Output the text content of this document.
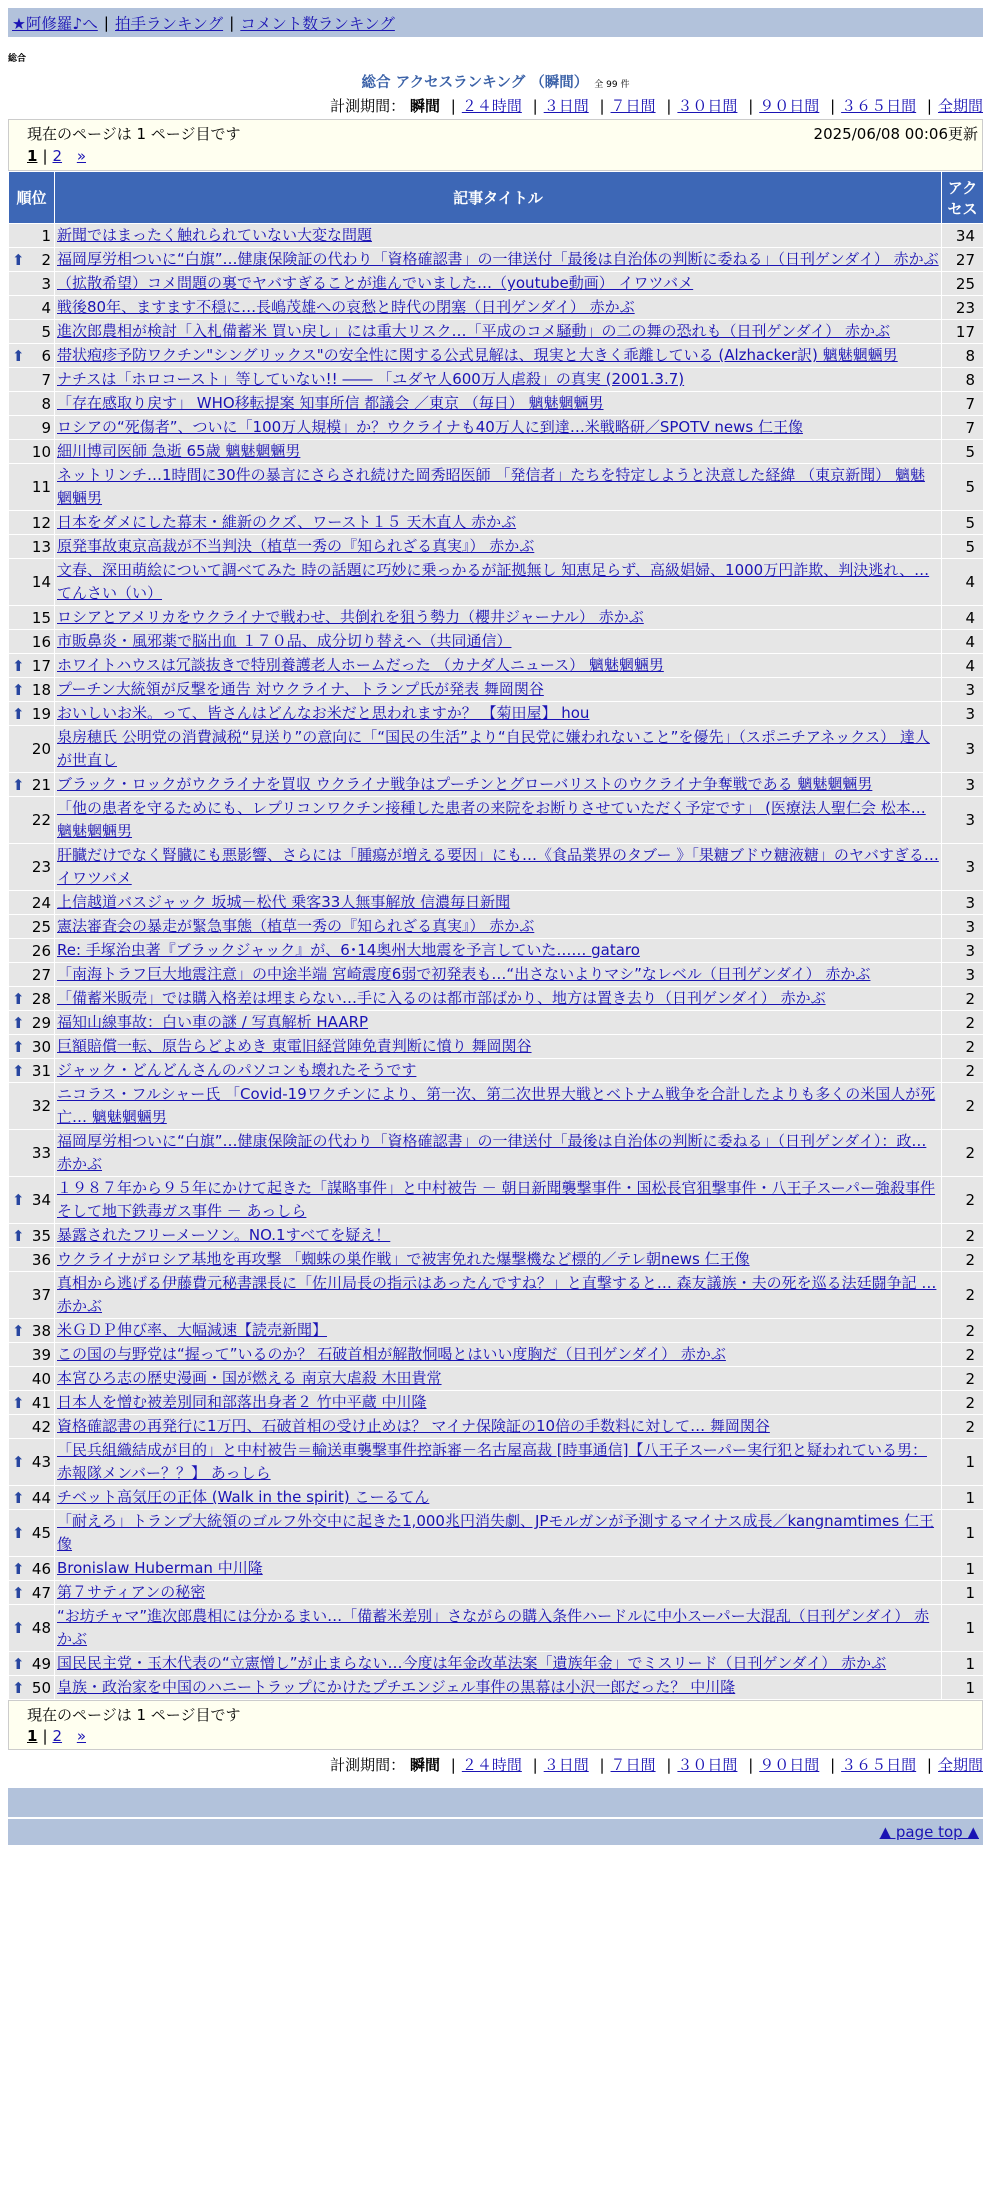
★阿修羅♪へ | 拍手ランキング | コメント数ランキング
総合
総合 アクセスランキング （瞬間） 全 99 件
計測期間： 瞬間 | ２４時間 | ３日間 | ７日間 | ３０日間 | ９０日間 | ３６５日間 | 全期間
現在のページは 1 ページ目です	2025/06/08 00:06更新
1 | 2 »
順位	記事タイトル	アクセス
1	新聞ではまったく触れられていない大変な問題	34

⬆ 2	福岡厚労相ついに“白旗”…健康保険証の代わり「資格確認書」の一律送付「最後は自治体の判断に委ねる」（日刊ゲンダイ） 赤かぶ	27
3	（拡散希望）コメ問題の裏でヤバすぎることが進んでいました…（youtube動画） イワツバメ	25
4	戦後80年、ますます不穏に…長嶋茂雄への哀愁と時代の閉塞（日刊ゲンダイ） 赤かぶ	23
5	進次郎農相が検討「入札備蓄米 買い戻し」には重大リスク…「平成のコメ騒動」の二の舞の恐れも（日刊ゲンダイ） 赤かぶ	17

⬆ 6	帯状疱疹予防ワクチン"シングリックス"の安全性に関する公式見解は、現実と大きく乖離している (Alzhacker訳) 魑魅魍魎男	8
7	ナチスは「ホロコースト」等していない!! ―― 「ユダヤ人600万人虐殺」の真実 (2001.3.7)	8
8	「存在感取り戻す」 WHO移転提案 知事所信 都議会 ／東京 （毎日） 魑魅魍魎男	7
9	ロシアの“死傷者”、ついに「100万人規模」か？ウクライナも40万人に到達…米戦略研／SPOTV news 仁王像	7
10	細川博司医師 急逝 65歳 魑魅魍魎男	5
11	ネットリンチ…1時間に30件の暴言にさらされ続けた岡秀昭医師 「発信者」たちを特定しようと決意した経緯 （東京新聞） 魑魅魍魎男	5
12	日本をダメにした幕末・維新のクズ、ワースト１５ 天木直人 赤かぶ	5
13	原発事故東京高裁が不当判決（植草一秀の『知られざる真実』） 赤かぶ	5
14	文春、深田萌絵について調べてみた 時の話題に巧妙に乗っかるが証拠無し 知恵足らず、高級娼婦、1000万円詐欺、判決逃れ、… てんさい（い）	4
15	ロシアとアメリカをウクライナで戦わせ、共倒れを狙う勢力（櫻井ジャーナル） 赤かぶ	4
16	市販鼻炎・風邪薬で脳出血 １７０品、成分切り替えへ（共同通信）	4

⬆ 17	ホワイトハウスは冗談抜きで特別養護老人ホームだった （カナダ人ニュース） 魑魅魍魎男	4

⬆ 18	プーチン大統領が反撃を通告 対ウクライナ、トランプ氏が発表 舞岡関谷	3

⬆ 19	おいしいお米。って、皆さんはどんなお米だと思われますか？ 【菊田屋】 hou	3
20	泉房穂氏 公明党の消費減税“見送り”の意向に「“国民の生活”より“自民党に嫌われないこと”を優先」（スポニチアネックス） 達人が世直し	3

⬆ 21	ブラック・ロックがウクライナを買収 ウクライナ戦争はプーチンとグローバリストのウクライナ争奪戦である 魑魅魍魎男	3
22	「他の患者を守るためにも、レプリコンワクチン接種した患者の来院をお断りさせていただく予定です」 (医療法人聖仁会 松本… 魑魅魍魎男	3
23	肝臓だけでなく腎臓にも悪影響、さらには「腫瘍が増える要因」にも…《食品業界のタブー 》「果糖ブドウ糖液糖」のヤバすぎる… イワツバメ	3
24	上信越道バスジャック 坂城－松代 乗客33人無事解放 信濃毎日新聞	3
25	憲法審査会の暴走が緊急事態（植草一秀の『知られざる真実』） 赤かぶ	3
26	Re: 手塚治虫著『ブラックジャック』が、6･14奥州大地震を予言していた…… gataro	3
27	「南海トラフ巨大地震注意」の中途半端 宮崎震度6弱で初発表も…“出さないよりマシ”なレベル（日刊ゲンダイ） 赤かぶ	3

⬆ 28	「備蓄米販売」では購入格差は埋まらない…手に入るのは都市部ばかり、地方は置き去り（日刊ゲンダイ） 赤かぶ	2

⬆ 29	福知山線事故：白い車の謎 / 写真解析 HAARP	2

⬆ 30	巨額賠償一転、原告らどよめき 東電旧経営陣免責判断に憤り 舞岡関谷	2

⬆ 31	ジャック・どんどんさんのパソコンも壊れたそうです	2
32	ニコラス・フルシャー氏 「Covid-19ワクチンにより、第一次、第二次世界大戦とベトナム戦争を合計したよりも多くの米国人が死亡… 魑魅魍魎男	2
33	福岡厚労相ついに“白旗”…健康保険証の代わり「資格確認書」の一律送付「最後は自治体の判断に委ねる」（日刊ゲンダイ）：政… 赤かぶ	2

⬆ 34	１９８７年から９５年にかけて起きた「謀略事件」と中村被告 － 朝日新聞襲撃事件・国松長官狙撃事件・八王子スーパー強殺事件そして地下鉄毒ガス事件 － あっしら	2

⬆ 35	暴露されたフリーメーソン。NO.1すべてを疑え！	2
36	ウクライナがロシア基地を再攻撃 「蜘蛛の巣作戦」で被害免れた爆撃機など標的／テレ朝news 仁王像	2
37	真相から逃げる伊藤費元秘書課長に「佐川局長の指示はあったんですね？」と直撃すると… 森友議族・夫の死を巡る法廷闘争記 … 赤かぶ	2

⬆ 38	米ＧＤＰ伸び率、大幅減速【読売新聞】	2
39	この国の与野党は“握って”いるのか？ 石破首相が解散恫喝とはいい度胸だ（日刊ゲンダイ） 赤かぶ	2
40	本宮ひろ志の歴史漫画・国が燃える 南京大虐殺 木田貴常	2

⬆ 41	日本人を憎む被差別同和部落出身者２ 竹中平蔵 中川隆	2
42	資格確認書の再発行に1万円、石破首相の受け止めは？ マイナ保険証の10倍の手数料に対して… 舞岡関谷	2

⬆ 43	「民兵組織結成が目的」と中村被告＝輸送車襲撃事件控訴審－名古屋高裁 [時事通信]【八王子スーパー実行犯と疑われている男：赤報隊メンバー？？】 あっしら	1

⬆ 44	チベット高気圧の正体 (Walk in the spirit) こーるてん	1

⬆ 45	「耐えろ」トランプ大統領のゴルフ外交中に起きた1,000兆円消失劇、JPモルガンが予測するマイナス成長／kangnamtimes 仁王像	1

⬆ 46	Bronislaw Huberman 中川隆	1

⬆ 47	第７サティアンの秘密	1

⬆ 48	“お坊チャマ”進次郎農相には分かるまい…「備蓄米差別」さながらの購入条件ハードルに中小スーパー大混乱（日刊ゲンダイ） 赤かぶ	1

⬆ 49	国民民主党・玉木代表の“立憲憎し”が止まらない…今度は年金改革法案「遺族年金」でミスリード（日刊ゲンダイ） 赤かぶ	1

⬆ 50	皇族・政治家を中国のハニートラップにかけたプチエンジェル事件の黒幕は小沢一郎だった？ 中川隆	1
現在のページは 1 ページ目です
1 | 2 »
計測期間： 瞬間 | ２４時間 | ３日間 | ７日間 | ３０日間 | ９０日間 | ３６５日間 | 全期間
▲ page top ▲
